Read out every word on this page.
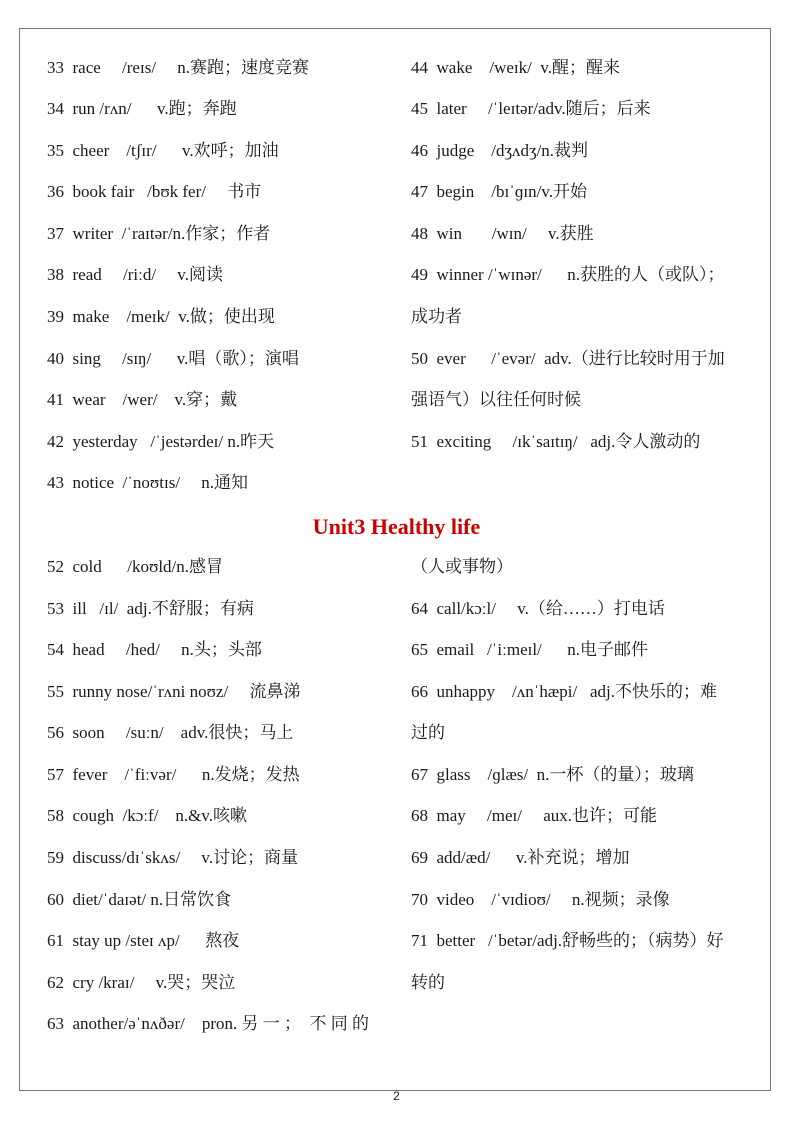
33  race     /reɪs/     n.赛跑；速度竞赛
34  run /rʌn/      v.跑；奔跑
35  cheer    /tʃɪr/      v.欢呼；加油
36  book fair   /bʊk fer/     书市
37  writer  /ˈraɪtər/n.作家；作者
38  read     /riːd/     v.阅读
39  make    /meɪk/  v.做；使出现
40  sing     /sɪŋ/      v.唱（歌）；演唱
41  wear    /wer/    v.穿；戴
42  yesterday   /ˈjestərdeɪ/ n.昨天
43  notice  /ˈnoʊtɪs/     n.通知
44  wake    /weɪk/  v.醒；醒来
45  later     /ˈleɪtər/adv.随后；后来
46  judge    /dʒʌdʒ/n.裁判
47  begin    /bɪˈɡɪn/v.开始
48  win       /wɪn/     v.获胜
49  winner /ˈwɪnər/      n.获胜的人（或队）；
成功者
50  ever      /ˈevər/  adv.（进行比较时用于加
强语气）以往任何时候
51  exciting     /ɪkˈsaɪtɪŋ/   adj.令人激动的
Unit3 Healthy life
52  cold      /koʊld/n.感冒
53  ill   /ɪl/  adj.不舒服；有病
54  head     /hed/     n.头；头部
55  runny nose/ˈrʌni noʊz/     流鼻涕
56  soon     /suːn/    adv.很快；马上
57  fever    /ˈfiːvər/      n.发烧；发热
58  cough  /kɔːf/    n.&v.咳嗽
59  discuss/dɪˈskʌs/     v.讨论；商量
60  diet/ˈdaɪət/ n.日常饮食
61  stay up /steɪ ʌp/      熬夜
62  cry /kraɪ/     v.哭；哭泣
63  another/əˈnʌðər/    pron. 另 一 ；  不 同 的
（人或事物）
64  call/kɔːl/     v.（给……）打电话
65  email   /ˈiːmeɪl/      n.电子邮件
66  unhappy    /ʌnˈhæpi/   adj.不快乐的；难
过的
67  glass    /ɡlæs/  n.一杯（的量）；玻璃
68  may     /meɪ/     aux.也许；可能
69  add/æd/      v.补充说；增加
70  video    /ˈvɪdioʊ/     n.视频；录像
71  better   /ˈbetər/adj.舒畅些的；（病势）好
转的
2
